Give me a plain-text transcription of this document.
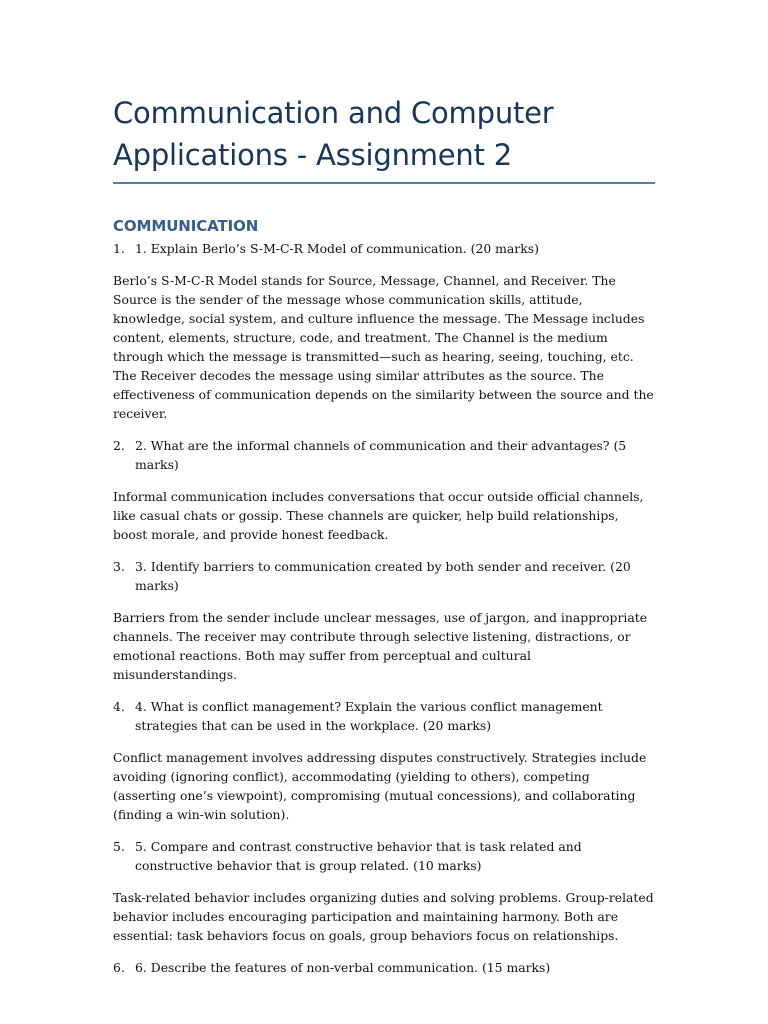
Communication and Computer Applications - Assignment 2
COMMUNICATION
1. 1. Explain Berlo’s S-M-C-R Model of communication. (20 marks)

Berlo’s S-M-C-R Model stands for Source, Message, Channel, and Receiver. The Source is the sender of the message whose communication skills, attitude, knowledge, social system, and culture influence the message. The Message includes content, elements, structure, code, and treatment. The Channel is the medium through which the message is transmitted—such as hearing, seeing, touching, etc. The Receiver decodes the message using similar attributes as the source. The effectiveness of communication depends on the similarity between the source and the receiver.

2. 2. What are the informal channels of communication and their advantages? (5 marks)

Informal communication includes conversations that occur outside official channels, like casual chats or gossip. These channels are quicker, help build relationships, boost morale, and provide honest feedback.

3. 3. Identify barriers to communication created by both sender and receiver. (20 marks)

Barriers from the sender include unclear messages, use of jargon, and inappropriate channels. The receiver may contribute through selective listening, distractions, or emotional reactions. Both may suffer from perceptual and cultural misunderstandings.

4. 4. What is conflict management? Explain the various conflict management strategies that can be used in the workplace. (20 marks)

Conflict management involves addressing disputes constructively. Strategies include avoiding (ignoring conflict), accommodating (yielding to others), competing (asserting one’s viewpoint), compromising (mutual concessions), and collaborating (finding a win-win solution).

5. 5. Compare and contrast constructive behavior that is task related and constructive behavior that is group related. (10 marks)

Task-related behavior includes organizing duties and solving problems. Group-related behavior includes encouraging participation and maintaining harmony. Both are essential: task behaviors focus on goals, group behaviors focus on relationships.

6. 6. Describe the features of non-verbal communication. (15 marks)
